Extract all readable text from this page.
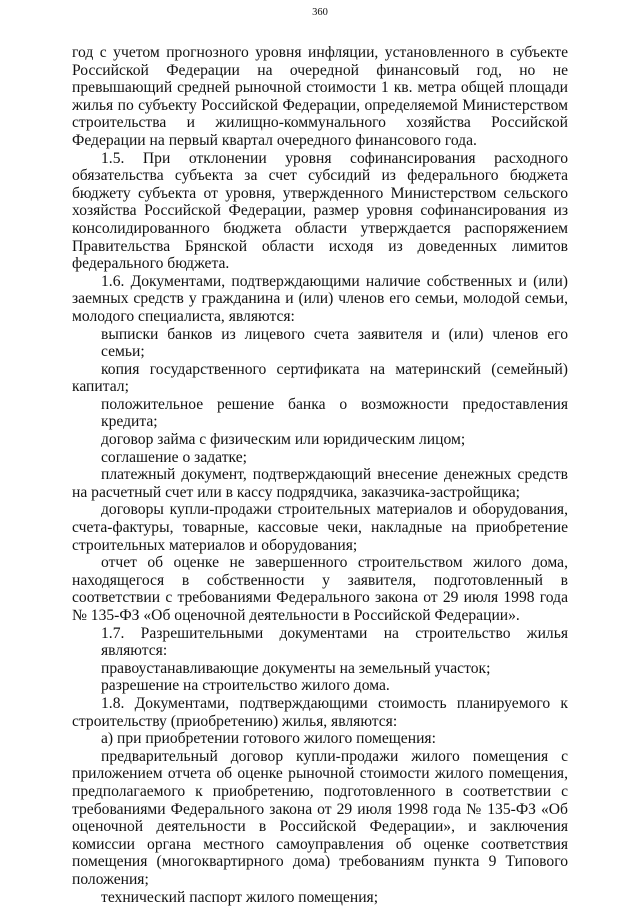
360

год с учетом прогнозного уровня инфляции, установленного в субъекте Российской Федерации на очередной финансовый год, но не превышающий средней рыночной стоимости 1 кв. метра общей площади жилья по субъекту Российской Федерации, определяемой Министерством строительства и жилищно-коммунального хозяйства Российской Федерации на первый квартал очередного финансового года.

1.5. При отклонении уровня софинансирования расходного обязательства субъекта за счет субсидий из федерального бюджета бюджету субъекта от уровня, утвержденного Министерством сельского хозяйства Российской Федерации, размер уровня софинансирования из консолидированного бюджета области утверждается распоряжением Правительства Брянской области исходя из доведенных лимитов федерального бюджета.

1.6. Документами, подтверждающими наличие собственных и (или) заемных средств у гражданина и (или) членов его семьи, молодой семьи, молодого специалиста, являются:

выписки банков из лицевого счета заявителя и (или) членов его семьи;

копия государственного сертификата на материнский (семейный) капитал;

положительное решение банка о возможности предоставления кредита;

договор займа с физическим или юридическим лицом;

соглашение о задатке;

платежный документ, подтверждающий внесение денежных средств на расчетный счет или в кассу подрядчика, заказчика-застройщика;

договоры купли-продажи строительных материалов и оборудования, счета-фактуры, товарные, кассовые чеки, накладные на приобретение строительных материалов и оборудования;

отчет об оценке не завершенного строительством жилого дома, находящегося в собственности у заявителя, подготовленный в соответствии с требованиями Федерального закона от 29 июля 1998 года № 135-ФЗ «Об оценочной деятельности в Российской Федерации».

1.7. Разрешительными документами на строительство жилья являются:

правоустанавливающие документы на земельный участок;

разрешение на строительство жилого дома.

1.8. Документами, подтверждающими стоимость планируемого к строительству (приобретению) жилья, являются:

а) при приобретении готового жилого помещения:

предварительный договор купли-продажи жилого помещения с приложением отчета об оценке рыночной стоимости жилого помещения, предполагаемого к приобретению, подготовленного в соответствии с требованиями Федерального закона от 29 июля 1998 года № 135-ФЗ «Об оценочной деятельности в Российской Федерации», и заключения комиссии органа местного самоуправления об оценке соответствия помещения (многоквартирного дома) требованиям пункта 9 Типового положения;

технический паспорт жилого помещения;
